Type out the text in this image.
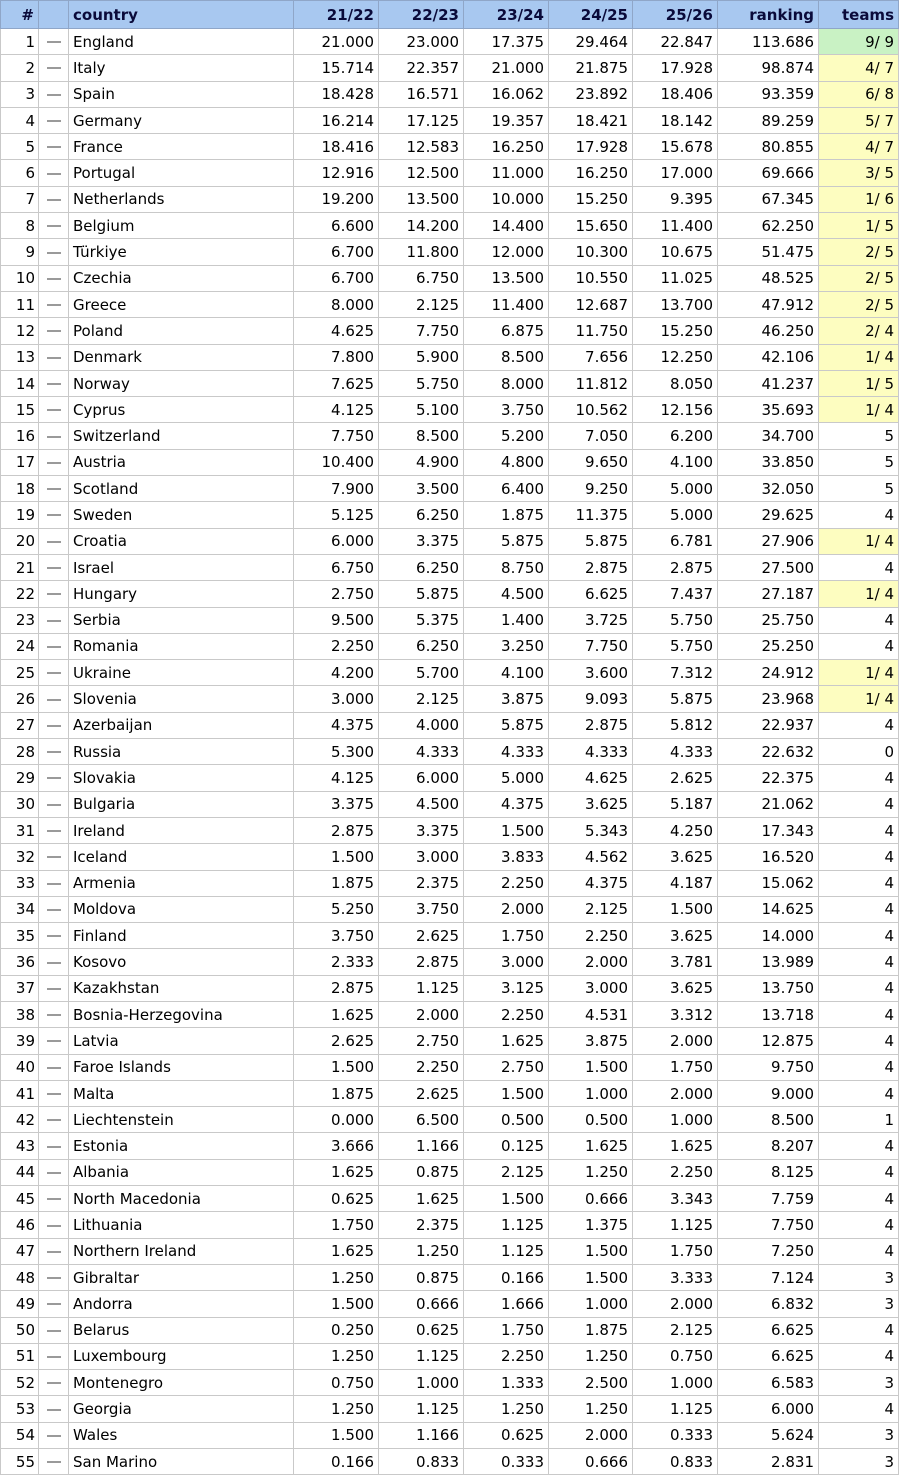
#		country	21/22	22/23	23/24	24/25	25/26	ranking	teams
1		England	21.000	23.000	17.375	29.464	22.847	113.686	9/ 9
2		Italy	15.714	22.357	21.000	21.875	17.928	98.874	4/ 7
3		Spain	18.428	16.571	16.062	23.892	18.406	93.359	6/ 8
4		Germany	16.214	17.125	19.357	18.421	18.142	89.259	5/ 7
5		France	18.416	12.583	16.250	17.928	15.678	80.855	4/ 7
6		Portugal	12.916	12.500	11.000	16.250	17.000	69.666	3/ 5
7		Netherlands	19.200	13.500	10.000	15.250	9.395	67.345	1/ 6
8		Belgium	6.600	14.200	14.400	15.650	11.400	62.250	1/ 5
9		Türkiye	6.700	11.800	12.000	10.300	10.675	51.475	2/ 5
10		Czechia	6.700	6.750	13.500	10.550	11.025	48.525	2/ 5
11		Greece	8.000	2.125	11.400	12.687	13.700	47.912	2/ 5
12		Poland	4.625	7.750	6.875	11.750	15.250	46.250	2/ 4
13		Denmark	7.800	5.900	8.500	7.656	12.250	42.106	1/ 4
14		Norway	7.625	5.750	8.000	11.812	8.050	41.237	1/ 5
15		Cyprus	4.125	5.100	3.750	10.562	12.156	35.693	1/ 4
16		Switzerland	7.750	8.500	5.200	7.050	6.200	34.700	5
17		Austria	10.400	4.900	4.800	9.650	4.100	33.850	5
18		Scotland	7.900	3.500	6.400	9.250	5.000	32.050	5
19		Sweden	5.125	6.250	1.875	11.375	5.000	29.625	4
20		Croatia	6.000	3.375	5.875	5.875	6.781	27.906	1/ 4
21		Israel	6.750	6.250	8.750	2.875	2.875	27.500	4
22		Hungary	2.750	5.875	4.500	6.625	7.437	27.187	1/ 4
23		Serbia	9.500	5.375	1.400	3.725	5.750	25.750	4
24		Romania	2.250	6.250	3.250	7.750	5.750	25.250	4
25		Ukraine	4.200	5.700	4.100	3.600	7.312	24.912	1/ 4
26		Slovenia	3.000	2.125	3.875	9.093	5.875	23.968	1/ 4
27		Azerbaijan	4.375	4.000	5.875	2.875	5.812	22.937	4
28		Russia	5.300	4.333	4.333	4.333	4.333	22.632	0
29		Slovakia	4.125	6.000	5.000	4.625	2.625	22.375	4
30		Bulgaria	3.375	4.500	4.375	3.625	5.187	21.062	4
31		Ireland	2.875	3.375	1.500	5.343	4.250	17.343	4
32		Iceland	1.500	3.000	3.833	4.562	3.625	16.520	4
33		Armenia	1.875	2.375	2.250	4.375	4.187	15.062	4
34		Moldova	5.250	3.750	2.000	2.125	1.500	14.625	4
35		Finland	3.750	2.625	1.750	2.250	3.625	14.000	4
36		Kosovo	2.333	2.875	3.000	2.000	3.781	13.989	4
37		Kazakhstan	2.875	1.125	3.125	3.000	3.625	13.750	4
38		Bosnia-Herzegovina	1.625	2.000	2.250	4.531	3.312	13.718	4
39		Latvia	2.625	2.750	1.625	3.875	2.000	12.875	4
40		Faroe Islands	1.500	2.250	2.750	1.500	1.750	9.750	4
41		Malta	1.875	2.625	1.500	1.000	2.000	9.000	4
42		Liechtenstein	0.000	6.500	0.500	0.500	1.000	8.500	1
43		Estonia	3.666	1.166	0.125	1.625	1.625	8.207	4
44		Albania	1.625	0.875	2.125	1.250	2.250	8.125	4
45		North Macedonia	0.625	1.625	1.500	0.666	3.343	7.759	4
46		Lithuania	1.750	2.375	1.125	1.375	1.125	7.750	4
47		Northern Ireland	1.625	1.250	1.125	1.500	1.750	7.250	4
48		Gibraltar	1.250	0.875	0.166	1.500	3.333	7.124	3
49		Andorra	1.500	0.666	1.666	1.000	2.000	6.832	3
50		Belarus	0.250	0.625	1.750	1.875	2.125	6.625	4
51		Luxembourg	1.250	1.125	2.250	1.250	0.750	6.625	4
52		Montenegro	0.750	1.000	1.333	2.500	1.000	6.583	3
53		Georgia	1.250	1.125	1.250	1.250	1.125	6.000	4
54		Wales	1.500	1.166	0.625	2.000	0.333	5.624	3
55		San Marino	0.166	0.833	0.333	0.666	0.833	2.831	3
